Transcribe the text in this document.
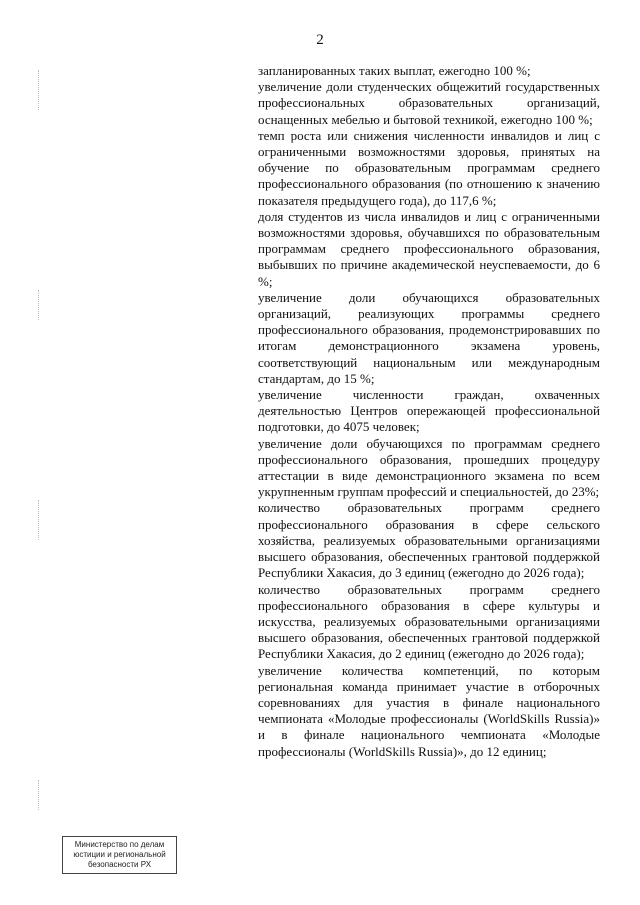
2

запланированных таких выплат, ежегодно 100 %;

увеличение доли студенческих общежитий государственных профессиональных образовательных организаций, оснащенных мебелью и бытовой техникой, ежегодно 100 %;

темп роста или снижения численности инвалидов и лиц с ограниченными возможностями здоровья, принятых на обучение по образовательным программам среднего профессионального образования (по отношению к значению показателя предыдущего года), до 117,6 %;

доля студентов из числа инвалидов и лиц с ограниченными возможностями здоровья, обучавшихся по образовательным программам среднего профессионального образования, выбывших по причине академической неуспеваемости, до 6 %;

увеличение доли обучающихся образовательных организаций, реализующих программы среднего профессионального образования, продемонстрировавших по итогам демонстрационного экзамена уровень, соответствующий национальным или международным стандартам, до 15 %;

увеличение численности граждан, охваченных деятельностью Центров опережающей профессиональной подготовки, до 4075 человек;

увеличение доли обучающихся по программам среднего профессионального образования, прошедших процедуру аттестации в виде демонстрационного экзамена по всем укрупненным группам профессий и специальностей, до 23%;

количество образовательных программ среднего профессионального образования в сфере сельского хозяйства, реализуемых образовательными организациями высшего образования, обеспеченных грантовой поддержкой Республики Хакасия, до 3 единиц (ежегодно до 2026 года);

количество образовательных программ среднего профессионального образования в сфере культуры и искусства, реализуемых образовательными организациями высшего образования, обеспеченных грантовой поддержкой Республики Хакасия, до 2 единиц (ежегодно до 2026 года);

увеличение количества компетенций, по которым региональная команда принимает участие в отборочных соревнованиях для участия в финале национального чемпионата «Молодые профессионалы (WorldSkills Russia)» и в финале национального чемпионата «Молодые профессионалы (WorldSkills Russia)», до 12 единиц;

Министерство по делам
юстиции и региональной
безопасности РХ
